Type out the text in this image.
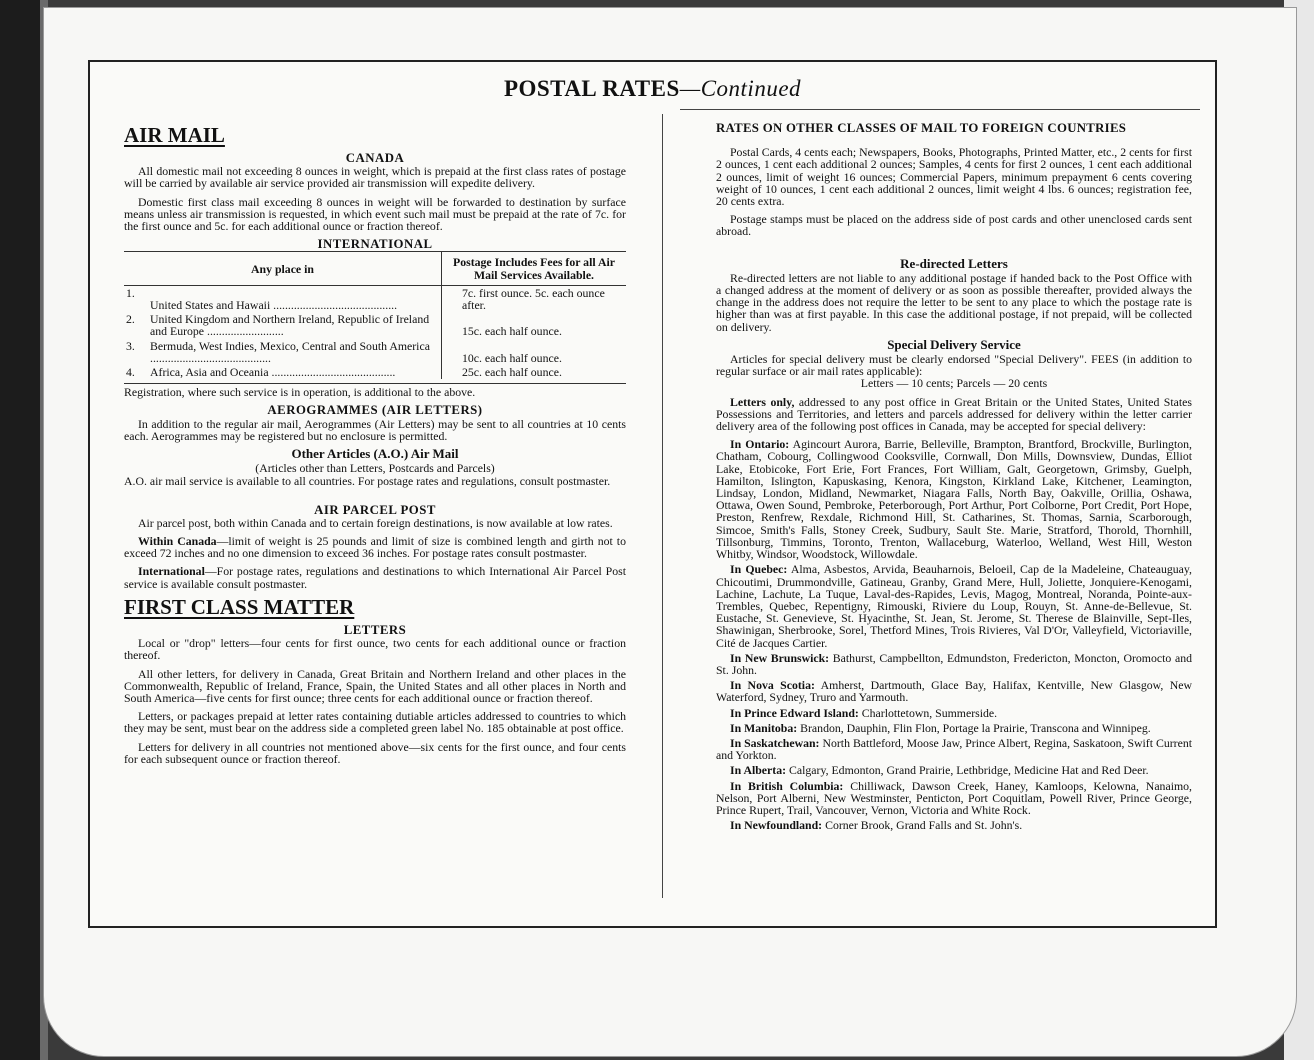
POSTAL RATES—Continued
AIR MAIL
CANADA

All domestic mail not exceeding 8 ounces in weight, which is prepaid at the first class rates of postage will be carried by available air service provided air transmission will expedite delivery.

Domestic first class mail exceeding 8 ounces in weight will be forwarded to destination by surface means unless air transmission is requested, in which event such mail must be prepaid at the rate of 7c. for the first ounce and 5c. for each additional ounce or fraction thereof.

INTERNATIONAL
Any place in		Postage Includes Fees for all Air Mail Services Available.
1.	United States and Hawaii ..........................................	7c. first ounce. 5c. each ounce after.
2.	United Kingdom and Northern Ireland, Republic of Ireland and Europe ..........................	15c. each half ounce.
3.	Bermuda, West Indies, Mexico, Central and South America .........................................	10c. each half ounce.
4.	Africa, Asia and Oceania ..........................................	25c. each half ounce.
Registration, where such service is in operation, is additional to the above.
AEROGRAMMES (AIR LETTERS)

In addition to the regular air mail, Aerogrammes (Air Letters) may be sent to all countries at 10 cents each. Aerogrammes may be registered but no enclosure is permitted.

Other Articles (A.O.) Air Mail
(Articles other than Letters, Postcards and Parcels)

A.O. air mail service is available to all countries. For postage rates and regulations, consult postmaster.

AIR PARCEL POST

Air parcel post, both within Canada and to certain foreign destinations, is now available at low rates.

Within Canada—limit of weight is 25 pounds and limit of size is combined length and girth not to exceed 72 inches and no one dimension to exceed 36 inches. For postage rates consult postmaster.

International—For postage rates, regulations and destinations to which International Air Parcel Post service is available consult postmaster.

FIRST CLASS MATTER
LETTERS

Local or "drop" letters—four cents for first ounce, two cents for each additional ounce or fraction thereof.

All other letters, for delivery in Canada, Great Britain and Northern Ireland and other places in the Commonwealth, Republic of Ireland, France, Spain, the United States and all other places in North and South America—five cents for first ounce; three cents for each additional ounce or fraction thereof.

Letters, or packages prepaid at letter rates containing dutiable articles addressed to countries to which they may be sent, must bear on the address side a completed green label No. 185 obtainable at post office.

Letters for delivery in all countries not mentioned above—six cents for the first ounce, and four cents for each subsequent ounce or fraction thereof.

RATES ON OTHER CLASSES OF MAIL TO FOREIGN COUNTRIES

Postal Cards, 4 cents each; Newspapers, Books, Photographs, Printed Matter, etc., 2 cents for first 2 ounces, 1 cent each additional 2 ounces; Samples, 4 cents for first 2 ounces, 1 cent each additional 2 ounces, limit of weight 16 ounces; Commercial Papers, minimum prepayment 6 cents covering weight of 10 ounces, 1 cent each additional 2 ounces, limit weight 4 lbs. 6 ounces; registration fee, 20 cents extra.

Postage stamps must be placed on the address side of post cards and other unenclosed cards sent abroad.

Re-directed Letters

Re-directed letters are not liable to any additional postage if handed back to the Post Office with a changed address at the moment of delivery or as soon as possible thereafter, provided always the change in the address does not require the letter to be sent to any place to which the postage rate is higher than was at first payable. In this case the additional postage, if not prepaid, will be collected on delivery.

Special Delivery Service

Articles for special delivery must be clearly endorsed "Special Delivery". FEES (in addition to regular surface or air mail rates applicable):

Letters — 10 cents; Parcels — 20 cents

Letters only, addressed to any post office in Great Britain or the United States, United States Possessions and Territories, and letters and parcels addressed for delivery within the letter carrier delivery area of the following post offices in Canada, may be accepted for special delivery:

In Ontario: Agincourt Aurora, Barrie, Belleville, Brampton, Brantford, Brockville, Burlington, Chatham, Cobourg, Collingwood Cooksville, Cornwall, Don Mills, Downsview, Dundas, Elliot Lake, Etobicoke, Fort Erie, Fort Frances, Fort William, Galt, Georgetown, Grimsby, Guelph, Hamilton, Islington, Kapuskasing, Kenora, Kingston, Kirkland Lake, Kitchener, Leamington, Lindsay, London, Midland, Newmarket, Niagara Falls, North Bay, Oakville, Orillia, Oshawa, Ottawa, Owen Sound, Pembroke, Peterborough, Port Arthur, Port Colborne, Port Credit, Port Hope, Preston, Renfrew, Rexdale, Richmond Hill, St. Catharines, St. Thomas, Sarnia, Scarborough, Simcoe, Smith's Falls, Stoney Creek, Sudbury, Sault Ste. Marie, Stratford, Thorold, Thornhill, Tillsonburg, Timmins, Toronto, Trenton, Wallaceburg, Waterloo, Welland, West Hill, Weston Whitby, Windsor, Woodstock, Willowdale.

In Quebec: Alma, Asbestos, Arvida, Beauharnois, Beloeil, Cap de la Madeleine, Chateauguay, Chicoutimi, Drummondville, Gatineau, Granby, Grand Mere, Hull, Joliette, Jonquiere-Kenogami, Lachine, Lachute, La Tuque, Laval-des-Rapides, Levis, Magog, Montreal, Noranda, Pointe-aux-Trembles, Quebec, Repentigny, Rimouski, Riviere du Loup, Rouyn, St. Anne-de-Bellevue, St. Eustache, St. Genevieve, St. Hyacinthe, St. Jean, St. Jerome, St. Therese de Blainville, Sept-Iles, Shawinigan, Sherbrooke, Sorel, Thetford Mines, Trois Rivieres, Val D'Or, Valleyfield, Victoriaville, Cité de Jacques Cartier.

In New Brunswick: Bathurst, Campbellton, Edmundston, Fredericton, Moncton, Oromocto and St. John.

In Nova Scotia: Amherst, Dartmouth, Glace Bay, Halifax, Kentville, New Glasgow, New Waterford, Sydney, Truro and Yarmouth.

In Prince Edward Island: Charlottetown, Summerside.

In Manitoba: Brandon, Dauphin, Flin Flon, Portage la Prairie, Transcona and Winnipeg.

In Saskatchewan: North Battleford, Moose Jaw, Prince Albert, Regina, Saskatoon, Swift Current and Yorkton.

In Alberta: Calgary, Edmonton, Grand Prairie, Lethbridge, Medicine Hat and Red Deer.

In British Columbia: Chilliwack, Dawson Creek, Haney, Kamloops, Kelowna, Nanaimo, Nelson, Port Alberni, New Westminster, Penticton, Port Coquitlam, Powell River, Prince George, Prince Rupert, Trail, Vancouver, Vernon, Victoria and White Rock.

In Newfoundland: Corner Brook, Grand Falls and St. John's.
